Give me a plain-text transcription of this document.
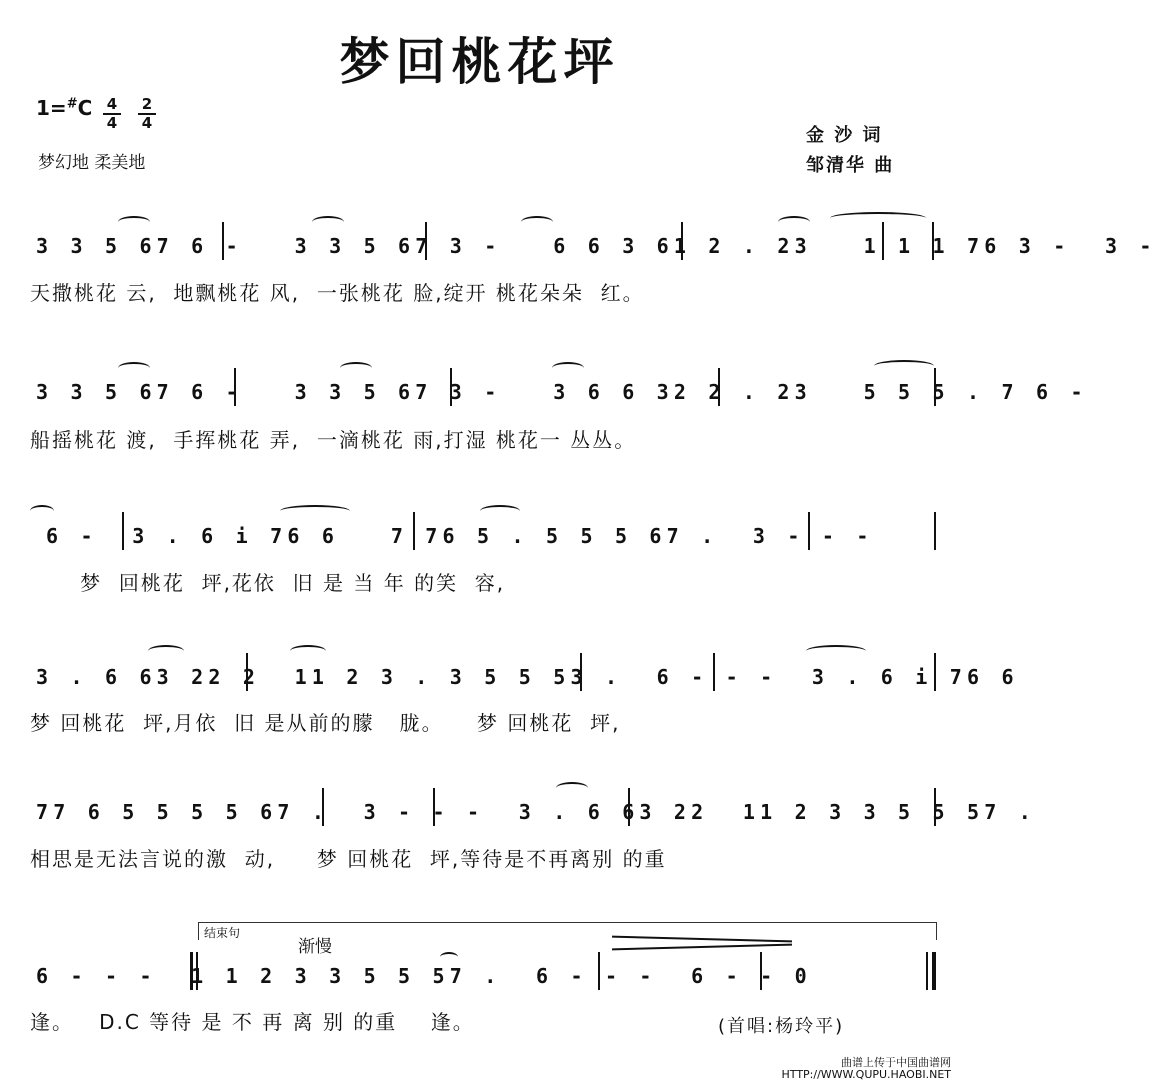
梦回桃花坪
1=#C 4
4
2
4
梦幻地 柔美地
金 沙 词
邹清华 曲
3 3 5 67 6 -   3 3 5 67 3 -   6 6 3 61 2 . 23   1 1 1 76 3 -  3 -
天撒桃花 云,  地飘桃花 风,  一张桃花 脸,绽开 桃花朵朵  红。
3 3 5 67 6 -   3 3 5 67 3 -   3 6 6 32 2 . 23   5 5 5 . 7 6 -
船摇桃花 渡,  手挥桃花 弄,  一滴桃花 雨,打湿 桃花一 丛丛。
6 -  3 . 6 i 76 6   7 76 5 . 5 5 5 67 .  3 - - -
梦  回桃花  坪,花依  旧 是 当 年 的笑  容,
3 . 6 63 22 2  11 2 3 . 3 5 5 53 .  6 - - -  3 . 6 i 76 6
梦 回桃花  坪,月依  旧 是从前的朦   胧。    梦 回桃花  坪,
77 6 5 5 5 5 67 .  3 - - -  3 . 6 63 22  11 2 3 3 5 5 57 .
相思是无法言说的激  动,     梦 回桃花  坪,等待是不再离别 的重
结束句
渐慢
6 - - -  1 1 2 3 3 5 5 57 .  6 - - -  6 - - 0
逢。   D.C 等待 是 不 再 离 别 的重    逢。	(首唱:杨玲平)
曲谱上传于中国曲谱网
HTTP://WWW.QUPU.HAOBI.NET
